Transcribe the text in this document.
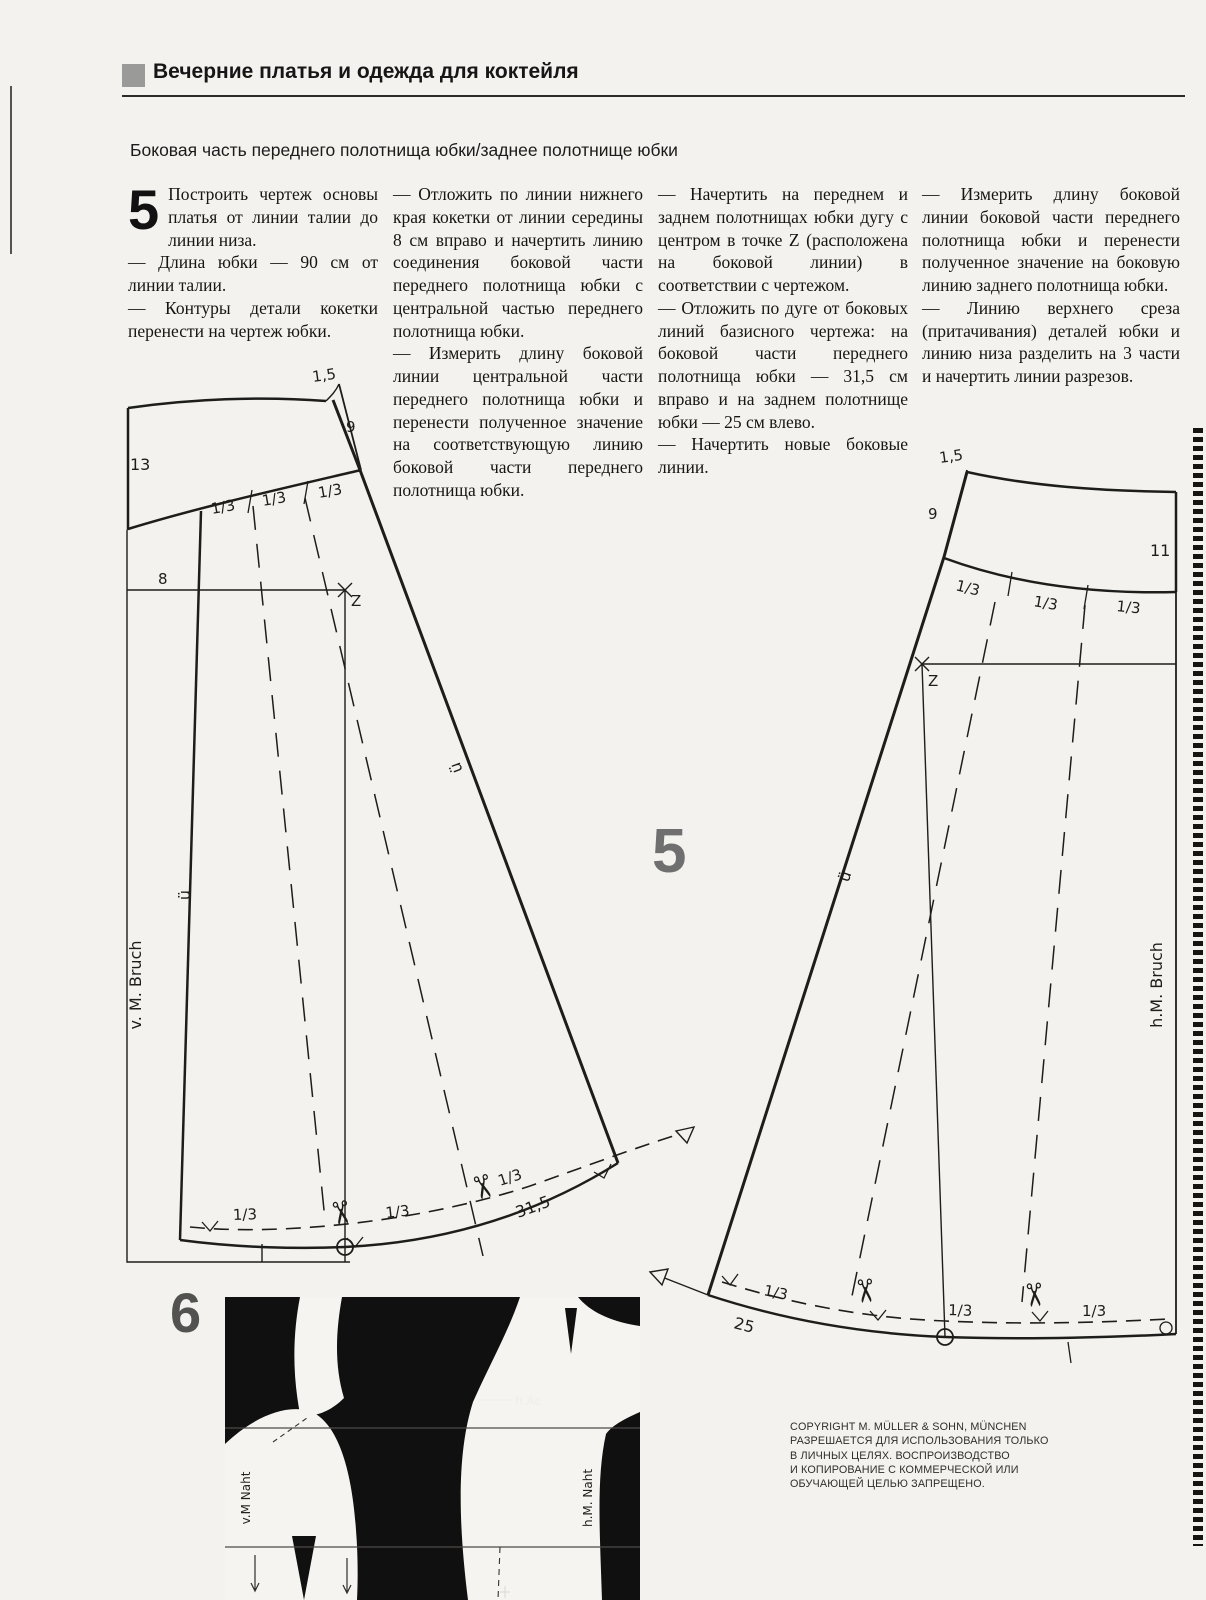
Вечерние платья и одежда для коктейля
Боковая часть переднего полотнища юбки/заднее полотнище юбки
5 Построить чертеж основы платья от линии талии до линии низа.
— Длина юбки — 90 см от линии талии.
— Контуры детали кокетки перенести на чертеж юбки.
— Отложить по линии нижнего края кокетки от линии середины 8 см вправо и начертить линию соединения боковой части переднего полотнища юбки с центральной частью переднего полотнища юбки.
— Измерить длину боковой линии центральной части переднего полотнища юбки и перенести полученное значение на соответствующую линию боковой части переднего полотнища юбки.
— Начертить на переднем и заднем полотнищах юбки дугу с центром в точке Z (расположена на боковой линии) в соответствии с чертежом.
— Отложить по дуге от боковых линий базисного чертежа: на боковой части переднего полотнища юбки — 31,5 см вправо и на заднем полотнище юбки — 25 см влево.
— Начертить новые боковые линии.
— Измерить длину боковой линии боковой части переднего полотнища юбки и перенести полученное значение на боковую линию заднего полотнища юбки.
— Линию верхнего среза (притачивания) деталей юбки и линию низа разделить на 3 части и начертить линии разрезов.
5
6
13
1,5
9
1/3 1/3 1/3
8
Z
✂
✂
1/3	1/3
1/3
31,5
v. M. Bruch
ü
ü
1,5
9
11
1/3
1/3	1/3
Z
✂	✂
1/3
1/3	1/3
25
h.M. Bruch
ü
h.Ae
v.M Naht	h.M. Naht
COPYRIGHT M. MÜLLER & SOHN, MÜNCHEN
РАЗРЕШАЕТСЯ ДЛЯ ИСПОЛЬЗОВАНИЯ ТОЛЬКО
В ЛИЧНЫХ ЦЕЛЯХ. ВОСПРОИЗВОДСТВО
И КОПИРОВАНИЕ С КОММЕРЧЕСКОЙ ИЛИ
ОБУЧАЮЩЕЙ ЦЕЛЬЮ ЗАПРЕЩЕНО.
